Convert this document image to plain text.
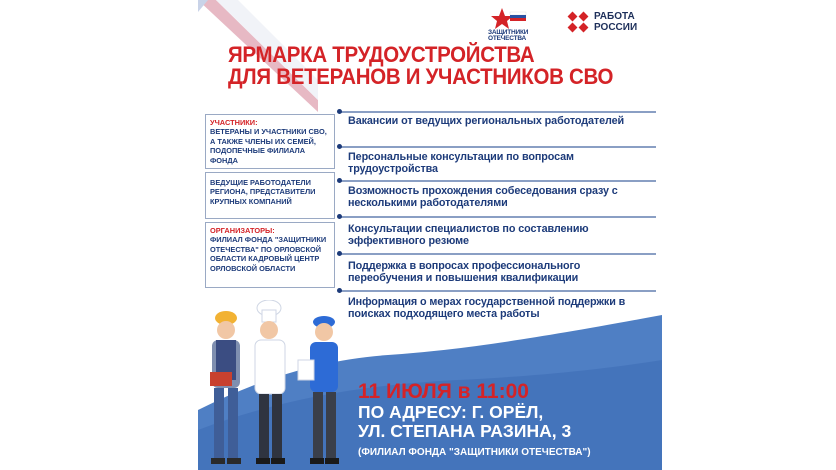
ЗАЩИТНИКИ ОТЕЧЕСТВА
РАБОТА
РОССИИ
ЯРМАРКА ТРУДОУСТРОЙСТВА
ДЛЯ ВЕТЕРАНОВ И УЧАСТНИКОВ СВО
УЧАСТНИКИ:
ВЕТЕРАНЫ И УЧАСТНИКИ СВО, А ТАКЖЕ ЧЛЕНЫ ИХ СЕМЕЙ, ПОДОПЕЧНЫЕ ФИЛИАЛА ФОНДА
ВЕДУЩИЕ РАБОТОДАТЕЛИ РЕГИОНА, ПРЕДСТАВИТЕЛИ КРУПНЫХ КОМПАНИЙ
ОРГАНИЗАТОРЫ:
ФИЛИАЛ ФОНДА "ЗАЩИТНИКИ ОТЕЧЕСТВА" ПО ОРЛОВСКОЙ ОБЛАСТИ КАДРОВЫЙ ЦЕНТР ОРЛОВСКОЙ ОБЛАСТИ
Вакансии от ведущих региональных работодателей
Персональные консультации по вопросам трудоустройства
Возможность прохождения собеседования сразу с несколькими работодателями
Консультации специалистов по составлению эффективного резюме
Поддержка в вопросах профессионального переобучения и повышения квалификации
Информация о мерах государственной поддержки в поисках подходящего места работы
11 ИЮЛЯ в 11:00
ПО АДРЕСУ: Г. ОРЁЛ,
УЛ. СТЕПАНА РАЗИНА, 3
(ФИЛИАЛ ФОНДА "ЗАЩИТНИКИ ОТЕЧЕСТВА")
